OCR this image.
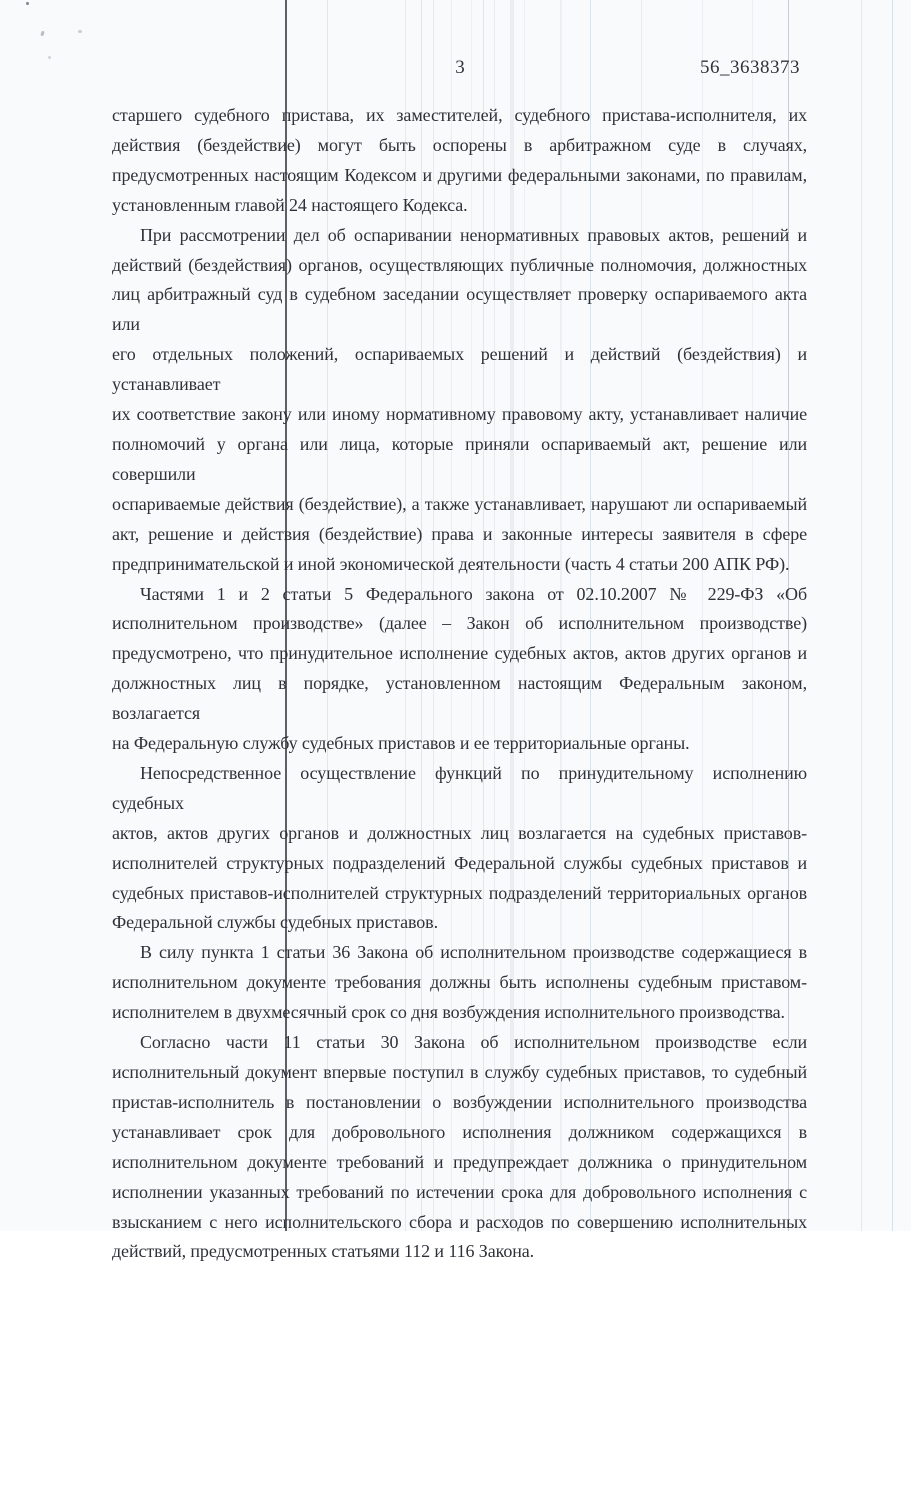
3	56_3638373
старшего судебного пристава, их заместителей, судебного пристава-исполнителя, их
действия (бездействие) могут быть оспорены в арбитражном суде в случаях,
предусмотренных настоящим Кодексом и другими федеральными законами, по правилам,
установленным главой 24 настоящего Кодекса.
При рассмотрении дел об оспаривании ненормативных правовых актов, решений и
действий (бездействия) органов, осуществляющих публичные полномочия, должностных
лиц арбитражный суд в судебном заседании осуществляет проверку оспариваемого акта или
его отдельных положений, оспариваемых решений и действий (бездействия) и устанавливает
их соответствие закону или иному нормативному правовому акту, устанавливает наличие
полномочий у органа или лица, которые приняли оспариваемый акт, решение или совершили
оспариваемые действия (бездействие), а также устанавливает, нарушают ли оспариваемый
акт, решение и действия (бездействие) права и законные интересы заявителя в сфере
предпринимательской и иной экономической деятельности (часть 4 статьи 200 АПК РФ).
Частями 1 и 2 статьи 5 Федерального закона от 02.10.2007 № 229-ФЗ «Об
исполнительном производстве» (далее – Закон об исполнительном производстве)
предусмотрено, что принудительное исполнение судебных актов, актов других органов и
должностных лиц в порядке, установленном настоящим Федеральным законом, возлагается
на Федеральную службу судебных приставов и ее территориальные органы.
Непосредственное осуществление функций по принудительному исполнению судебных
актов, актов других органов и должностных лиц возлагается на судебных приставов-
исполнителей структурных подразделений Федеральной службы судебных приставов и
судебных приставов-исполнителей структурных подразделений территориальных органов
Федеральной службы судебных приставов.
В силу пункта 1 статьи 36 Закона об исполнительном производстве содержащиеся в
исполнительном документе требования должны быть исполнены судебным приставом-
исполнителем в двухмесячный срок со дня возбуждения исполнительного производства.
Согласно части 11 статьи 30 Закона об исполнительном производстве если
исполнительный документ впервые поступил в службу судебных приставов, то судебный
пристав-исполнитель в постановлении о возбуждении исполнительного производства
устанавливает срок для добровольного исполнения должником содержащихся в
исполнительном документе требований и предупреждает должника о принудительном
исполнении указанных требований по истечении срока для добровольного исполнения с
взысканием с него исполнительского сбора и расходов по совершению исполнительных
действий, предусмотренных статьями 112 и 116 Закона.
